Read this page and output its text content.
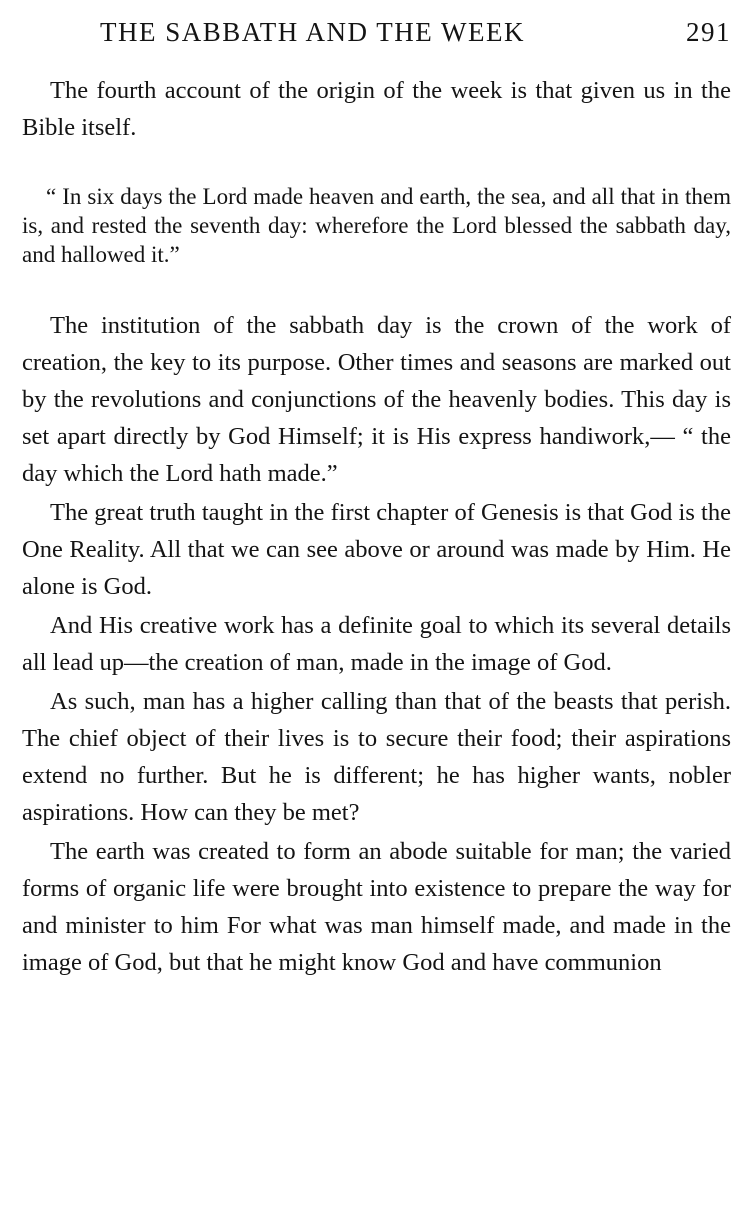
THE SABBATH AND THE WEEK	291

The fourth account of the origin of the week is that given us in the Bible itself.

“ In six days the Lord made heaven and earth, the sea, and all that in them is, and rested the seventh day: wherefore the Lord blessed the sabbath day, and hallowed it.”

The institution of the sabbath day is the crown of the work of creation, the key to its purpose. Other times and seasons are marked out by the revolutions and conjunctions of the heavenly bodies. This day is set apart directly by God Himself; it is His express handiwork,— “ the day which the Lord hath made.”

The great truth taught in the first chapter of Genesis is that God is the One Reality. All that we can see above or around was made by Him. He alone is God.

And His creative work has a definite goal to which its several details all lead up—the creation of man, made in the image of God.

As such, man has a higher calling than that of the beasts that perish. The chief object of their lives is to secure their food; their aspirations extend no further. But he is different; he has higher wants, nobler aspirations. How can they be met?

The earth was created to form an abode suitable for man; the varied forms of organic life were brought into existence to prepare the way for and minister to him For what was man himself made, and made in the image of God, but that he might know God and have communion
